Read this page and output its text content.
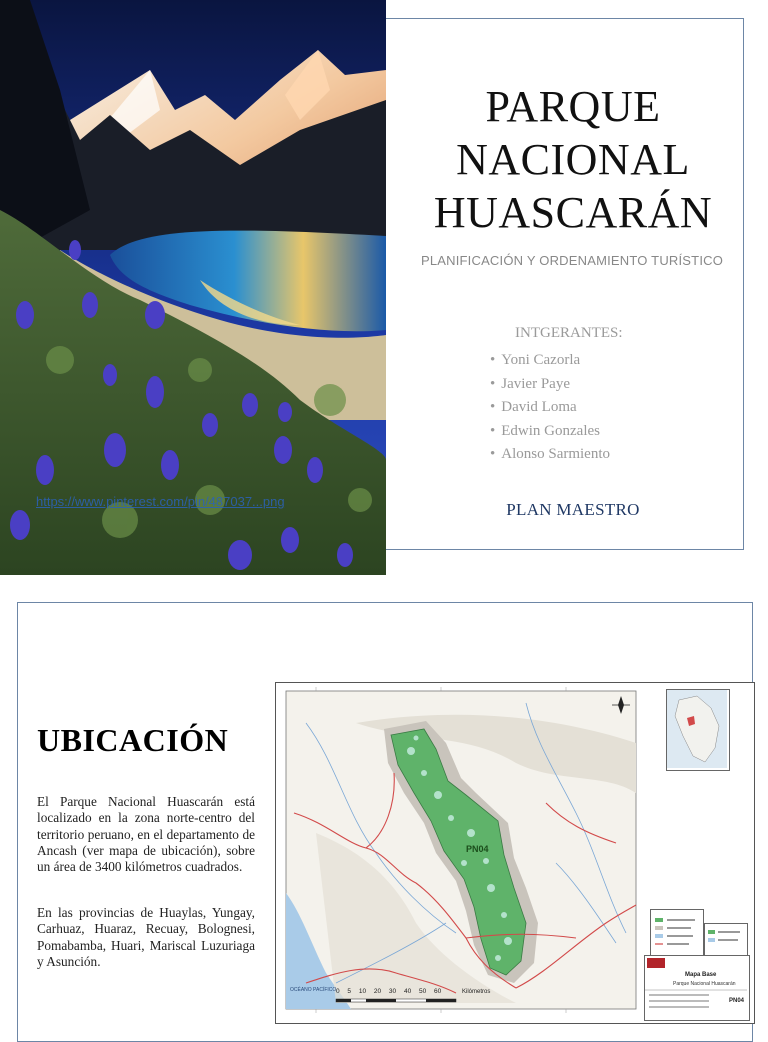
https://www.pinterest.com/pin/487037...png
PARQUE
NACIONAL
HUASCARÁN
PLANIFICACIÓN Y ORDENAMIENTO TURÍSTICO
INTGERANTES:
• Yoni Cazorla
• Javier Paye
• David Loma
• Edwin Gonzales
• Alonso Sarmiento
PLAN MAESTRO
UBICACIÓN

El Parque Nacional Huascarán está localizado en la zona norte-centro del territorio peruano, en el departamento de Ancash (ver mapa de ubicación), sobre un área de 3400 kilómetros cuadrados.

En las provincias de Huaylas, Yungay, Carhuaz, Huaraz, Recuay, Bolognesi, Pomabamba, Huari, Mariscal Luzuriaga y Asunción.

PN04
Mapa Base
Parque Nacional Huascarán
PN04
0 5 10 20 30 40 50 60	Kilómetros
OCÉANO PACÍFICO
